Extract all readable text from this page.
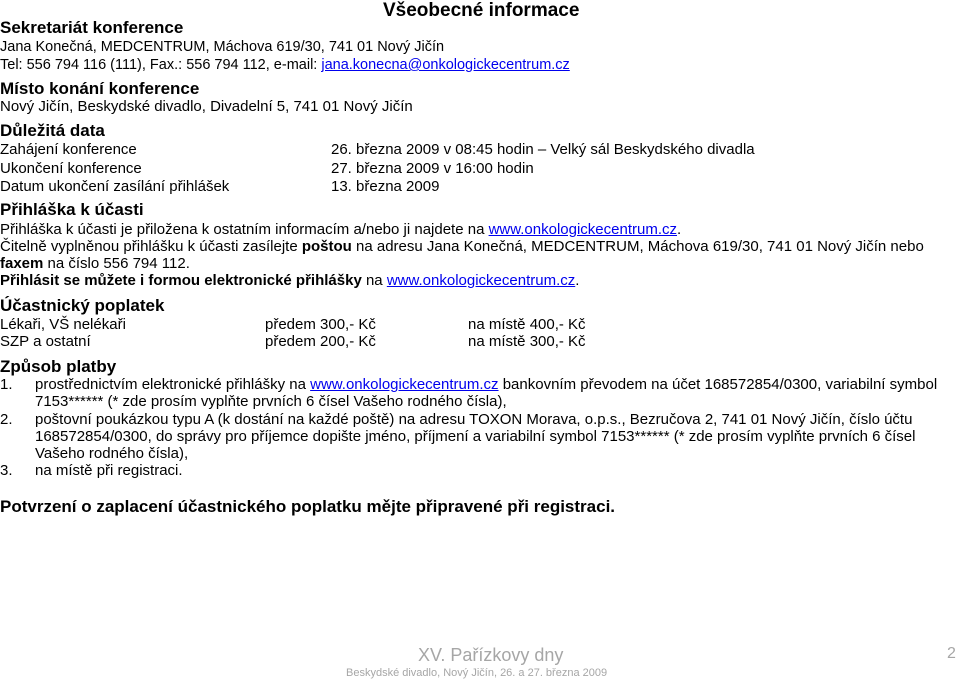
Všeobecné informace
Sekretariát konference
Jana Konečná, MEDCENTRUM, Máchova 619/30, 741 01 Nový Jičín
Tel: 556 794 116 (111), Fax.: 556 794 112, e-mail: jana.konecna@onkologickecentrum.cz
Místo konání konference
Nový Jičín, Beskydské divadlo, Divadelní 5, 741 01 Nový Jičín
Důležitá data
Zahájení konference	26. března 2009 v 08:45 hodin – Velký sál Beskydského divadla
Ukončení konference	27. března 2009 v 16:00 hodin
Datum ukončení zasílání přihlášek	13. března 2009
Přihláška k účasti
Přihláška k účasti je přiložena k ostatním informacím a/nebo ji najdete na www.onkologickecentrum.cz.
Čitelně vyplněnou přihlášku k účasti zasílejte poštou na adresu Jana Konečná, MEDCENTRUM, Máchova 619/30, 741 01 Nový Jičín nebo
faxem na číslo 556 794 112.
Přihlásit se můžete i formou elektronické přihlášky na www.onkologickecentrum.cz.
Účastnický poplatek
Lékaři, VŠ nelékaři	předem 300,- Kč	na místě 400,- Kč
SZP a ostatní	předem 200,- Kč	na místě 300,- Kč
Způsob platby
1. prostřednictvím elektronické přihlášky na www.onkologickecentrum.cz bankovním převodem na účet 168572854/0300, variabilní symbol
7153****** (* zde prosím vyplňte prvních 6 čísel Vašeho rodného čísla),
2. poštovní poukázkou typu A (k dostání na každé poště) na adresu TOXON Morava, o.p.s., Bezručova 2, 741 01 Nový Jičín, číslo účtu
168572854/0300, do správy pro příjemce dopište jméno, příjmení a variabilní symbol 7153****** (* zde prosím vyplňte prvních 6 čísel
Vašeho rodného čísla),
3. na místě při registraci.
Potvrzení o zaplacení účastnického poplatku mějte připravené při registraci.
XV. Pařízkovy dny
Beskydské divadlo, Nový Jičín, 26. a 27. března 2009
2
